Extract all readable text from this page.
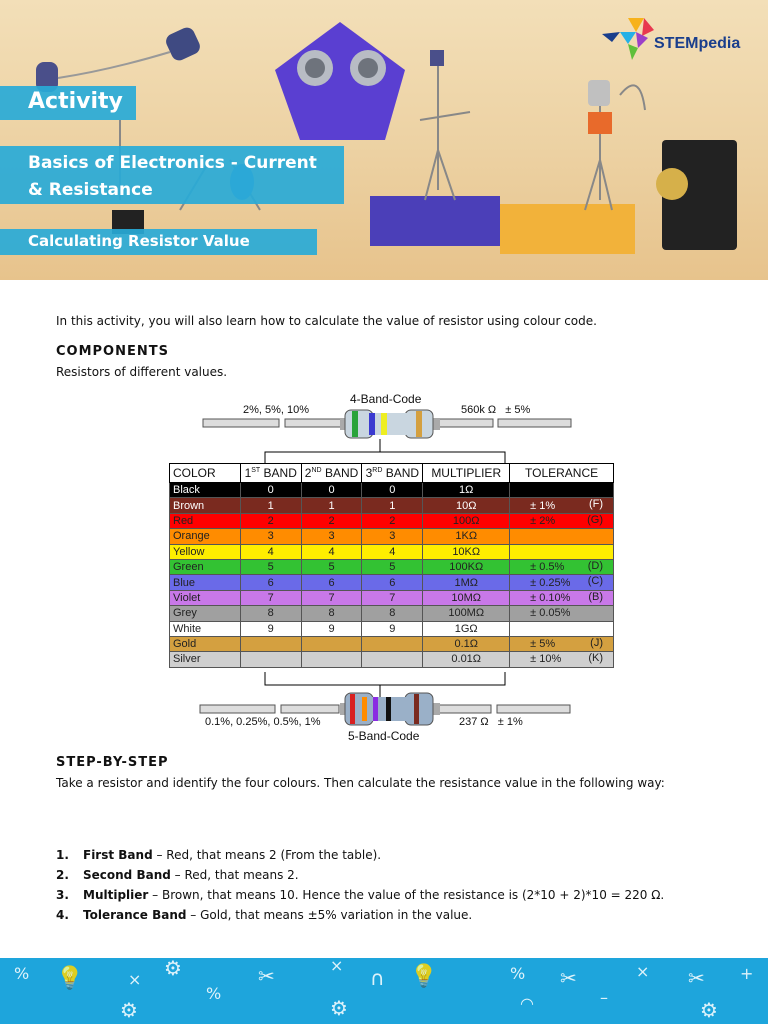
Activity
Basics of Electronics - Current
& Resistance
Calculating Resistor Value
STEMpedia
In this activity, you will also learn how to calculate the value of resistor using colour code.
COMPONENTS
Resistors of different values.
4-Band-Code
2%, 5%, 10%	560k Ω   ± 5%
COLOR	1ST BAND	2ND BAND	3RD BAND	MULTIPLIER	TOLERANCE
Black	0	0	0	1Ω	

Brown	1	1	1	10Ω	± 1% (F)

Red	2	2	2	100Ω	± 2% (G)

Orange	3	3	3	1KΩ	

Yellow	4	4	4	10KΩ	

Green	5	5	5	100KΩ	± 0.5% (D)

Blue	6	6	6	1MΩ	± 0.25% (C)

Violet	7	7	7	10MΩ	± 0.10% (B)

Grey	8	8	8	100MΩ	± 0.05%

White	9	9	9	1GΩ	

Gold				0.1Ω	± 5% (J)

Silver				0.01Ω	± 10% (K)
0.1%, 0.25%, 0.5%, 1%	237 Ω   ± 1%
5-Band-Code
STEP-BY-STEP
Take a resistor and identify the four colours. Then calculate the resistance value in the following way:
1. First Band – Red, that means 2 (From the table).
2. Second Band – Red, that means 2.
3. Multiplier – Brown, that means 10. Hence the value of the resistance is (2*10 + 2)*10 = 220 Ω.
4. Tolerance Band – Gold, that means ±5% variation in the value.
% 💡	× ⚙
%
✂	×
∩ 💡	% ✂	× ✂ +
⚙	⚙	◠	–
⚙
